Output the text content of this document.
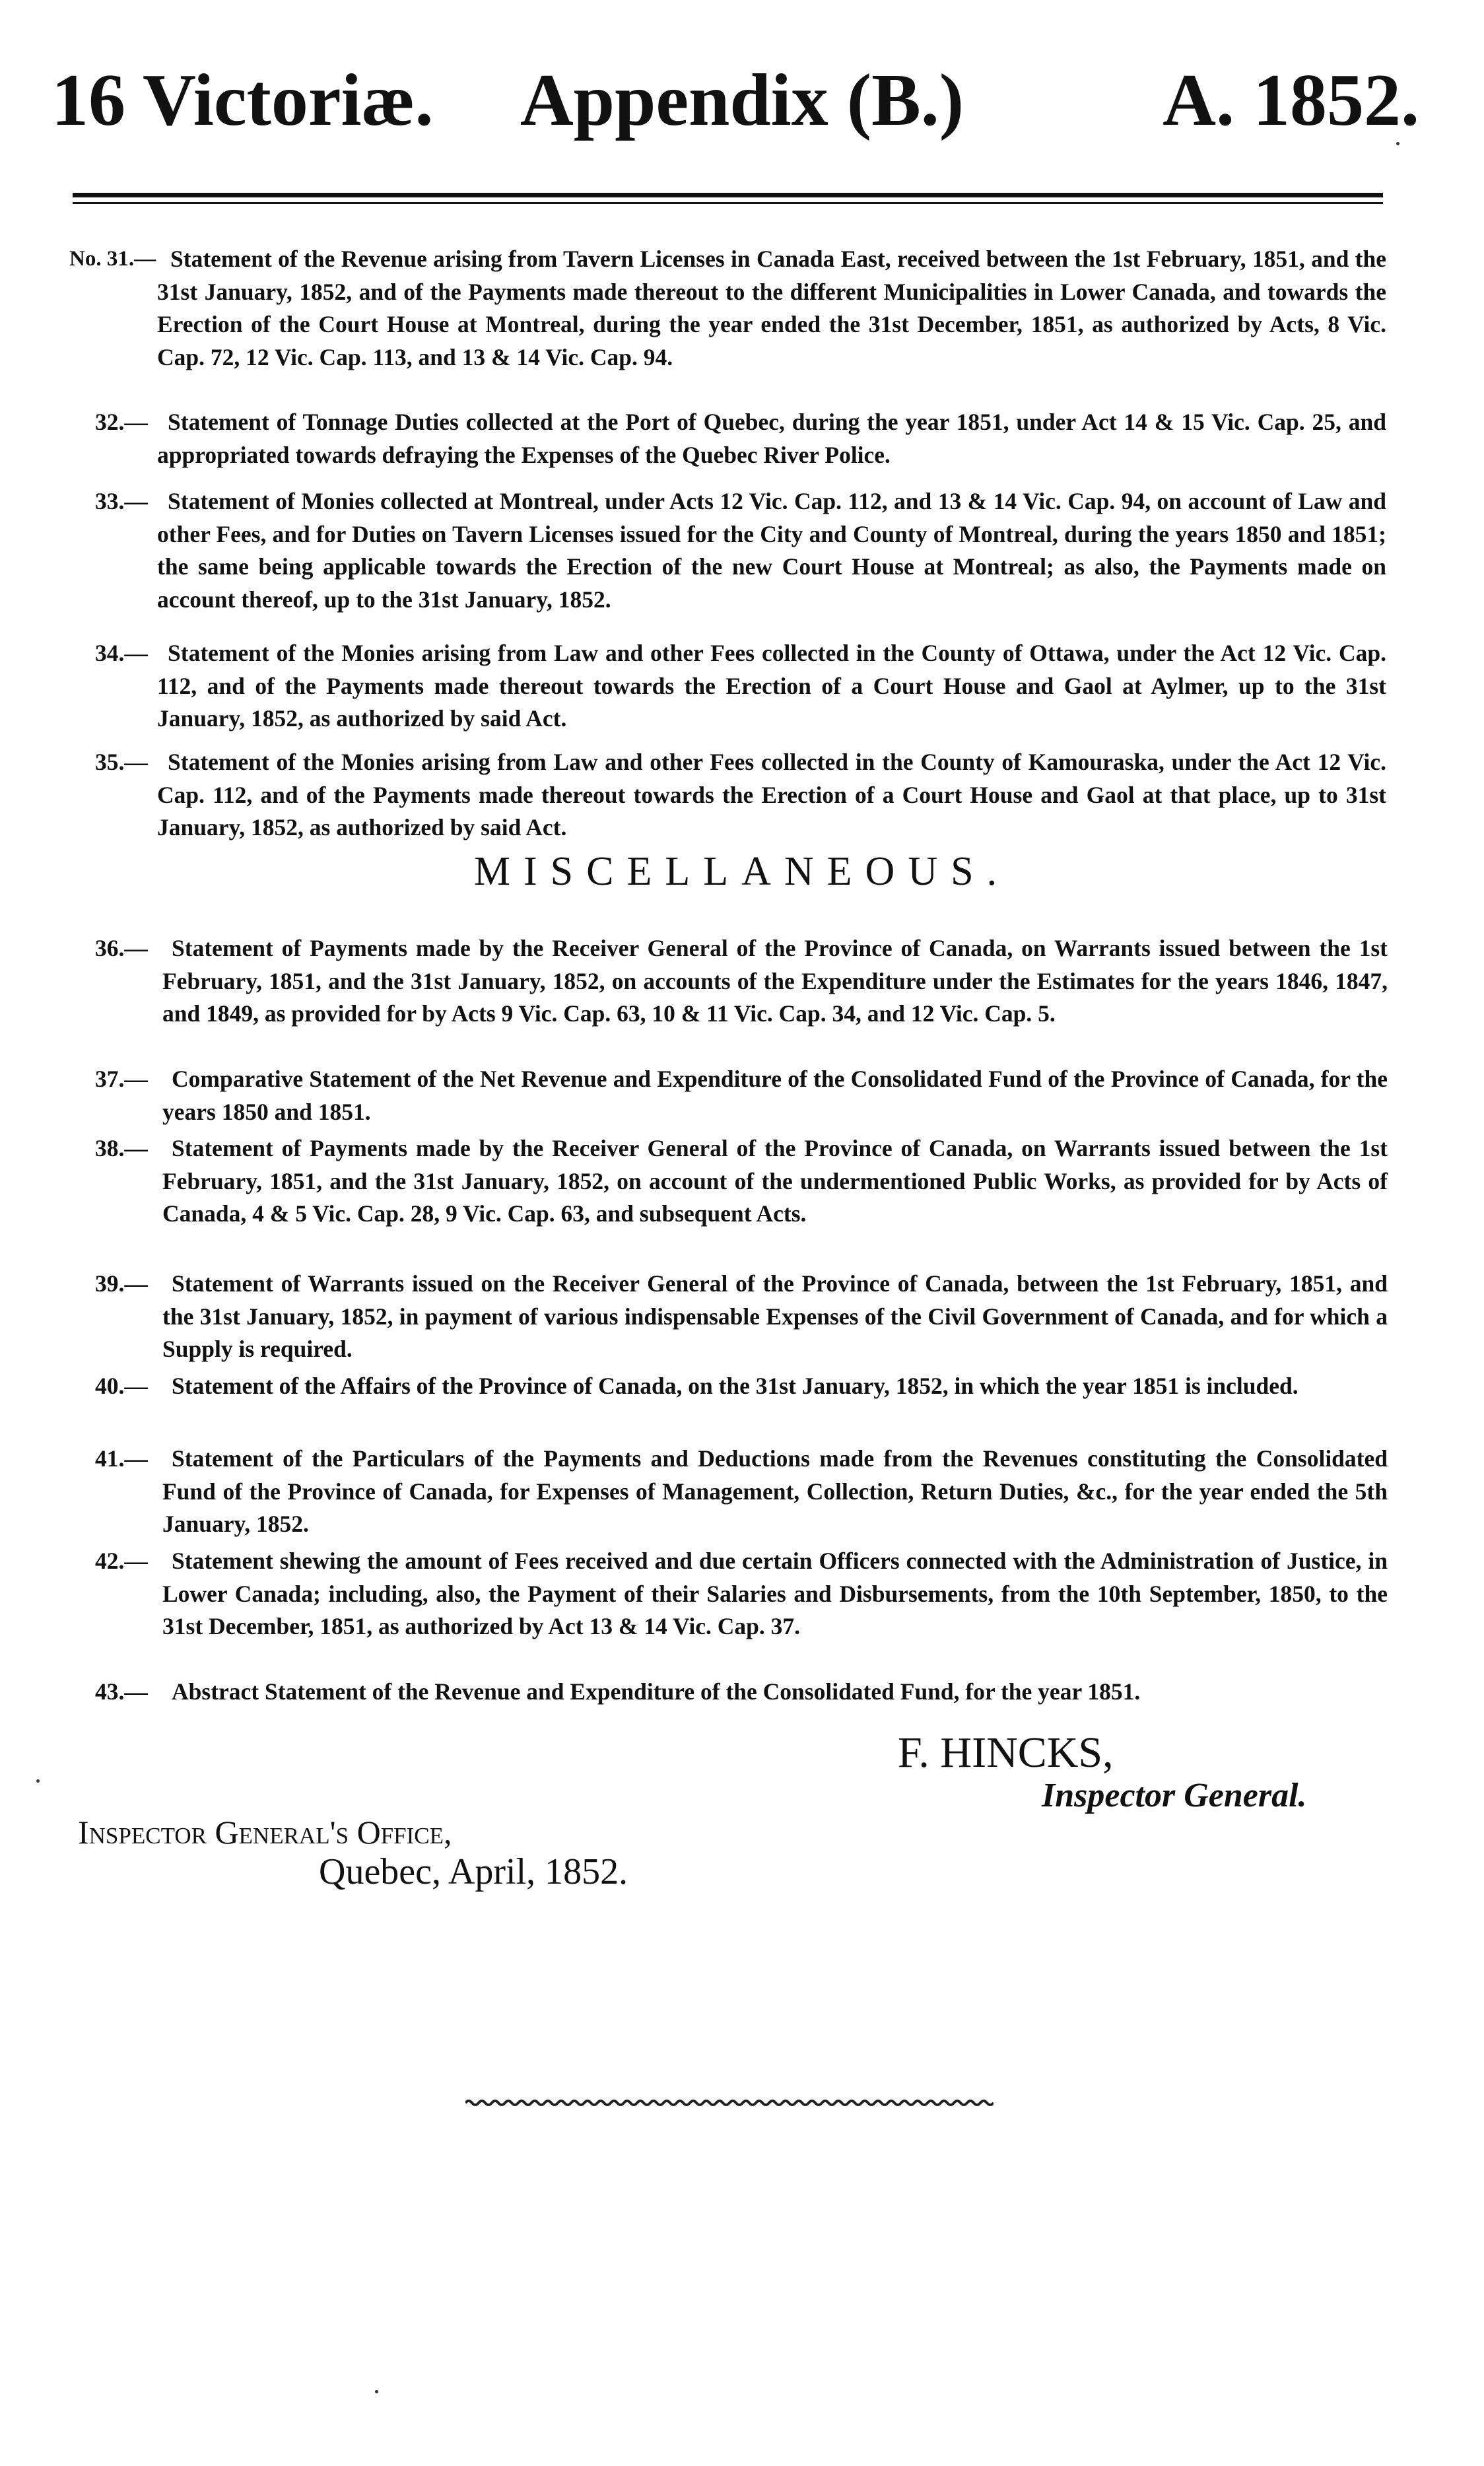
16 Victoriæ.	Appendix (B.)	A. 1852.
No. 31.— Statement of the Revenue arising from Tavern Licenses in Canada East, received between the 1st February, 1851, and the 31st January, 1852, and of the Payments made thereout to the different Municipalities in Lower Canada, and towards the Erection of the Court House at Montreal, during the year ended the 31st December, 1851, as authorized by Acts, 8 Vic. Cap. 72, 12 Vic. Cap. 113, and 13 & 14 Vic. Cap. 94.
32.— Statement of Tonnage Duties collected at the Port of Quebec, during the year 1851, under Act 14 & 15 Vic. Cap. 25, and appropriated towards defraying the Expenses of the Quebec River Police.
33.— Statement of Monies collected at Montreal, under Acts 12 Vic. Cap. 112, and 13 & 14 Vic. Cap. 94, on account of Law and other Fees, and for Duties on Tavern Licenses issued for the City and County of Montreal, during the years 1850 and 1851; the same being applicable towards the Erection of the new Court House at Montreal; as also, the Payments made on account thereof, up to the 31st January, 1852.
34.— Statement of the Monies arising from Law and other Fees collected in the County of Ottawa, under the Act 12 Vic. Cap. 112, and of the Payments made thereout towards the Erection of a Court House and Gaol at Aylmer, up to the 31st January, 1852, as authorized by said Act.
35.— Statement of the Monies arising from Law and other Fees collected in the County of Kamouraska, under the Act 12 Vic. Cap. 112, and of the Payments made thereout towards the Erection of a Court House and Gaol at that place, up to 31st January, 1852, as authorized by said Act.
MISCELLANEOUS.
36.—	Statement of Payments made by the Receiver General of the Province of Canada, on Warrants issued between the 1st February, 1851, and the 31st January, 1852, on accounts of the Expenditure under the Estimates for the years 1846, 1847, and 1849, as provided for by Acts 9 Vic. Cap. 63, 10 & 11 Vic. Cap. 34, and 12 Vic. Cap. 5.
37.—	Comparative Statement of the Net Revenue and Expenditure of the Consolidated Fund of the Province of Canada, for the years 1850 and 1851.
38.—	Statement of Payments made by the Receiver General of the Province of Canada, on Warrants issued between the 1st February, 1851, and the 31st January, 1852, on account of the undermentioned Public Works, as provided for by Acts of Canada, 4 & 5 Vic. Cap. 28, 9 Vic. Cap. 63, and subsequent Acts.
39.—	Statement of Warrants issued on the Receiver General of the Province of Canada, between the 1st February, 1851, and the 31st January, 1852, in payment of various indispensable Expenses of the Civil Government of Canada, and for which a Supply is required.
40.—	Statement of the Affairs of the Province of Canada, on the 31st January, 1852, in which the year 1851 is included.
41.—	Statement of the Particulars of the Payments and Deductions made from the Revenues constituting the Consolidated Fund of the Province of Canada, for Expenses of Management, Collection, Return Duties, &c., for the year ended the 5th January, 1852.
42.—	Statement shewing the amount of Fees received and due certain Officers connected with the Administration of Justice, in Lower Canada; including, also, the Payment of their Salaries and Disbursements, from the 10th September, 1850, to the 31st December, 1851, as authorized by Act 13 & 14 Vic. Cap. 37.
43.—	Abstract Statement of the Revenue and Expenditure of the Consolidated Fund, for the year 1851.
F. HINCKS,
Inspector General.
Inspector General's Office,
Quebec, April, 1852.
